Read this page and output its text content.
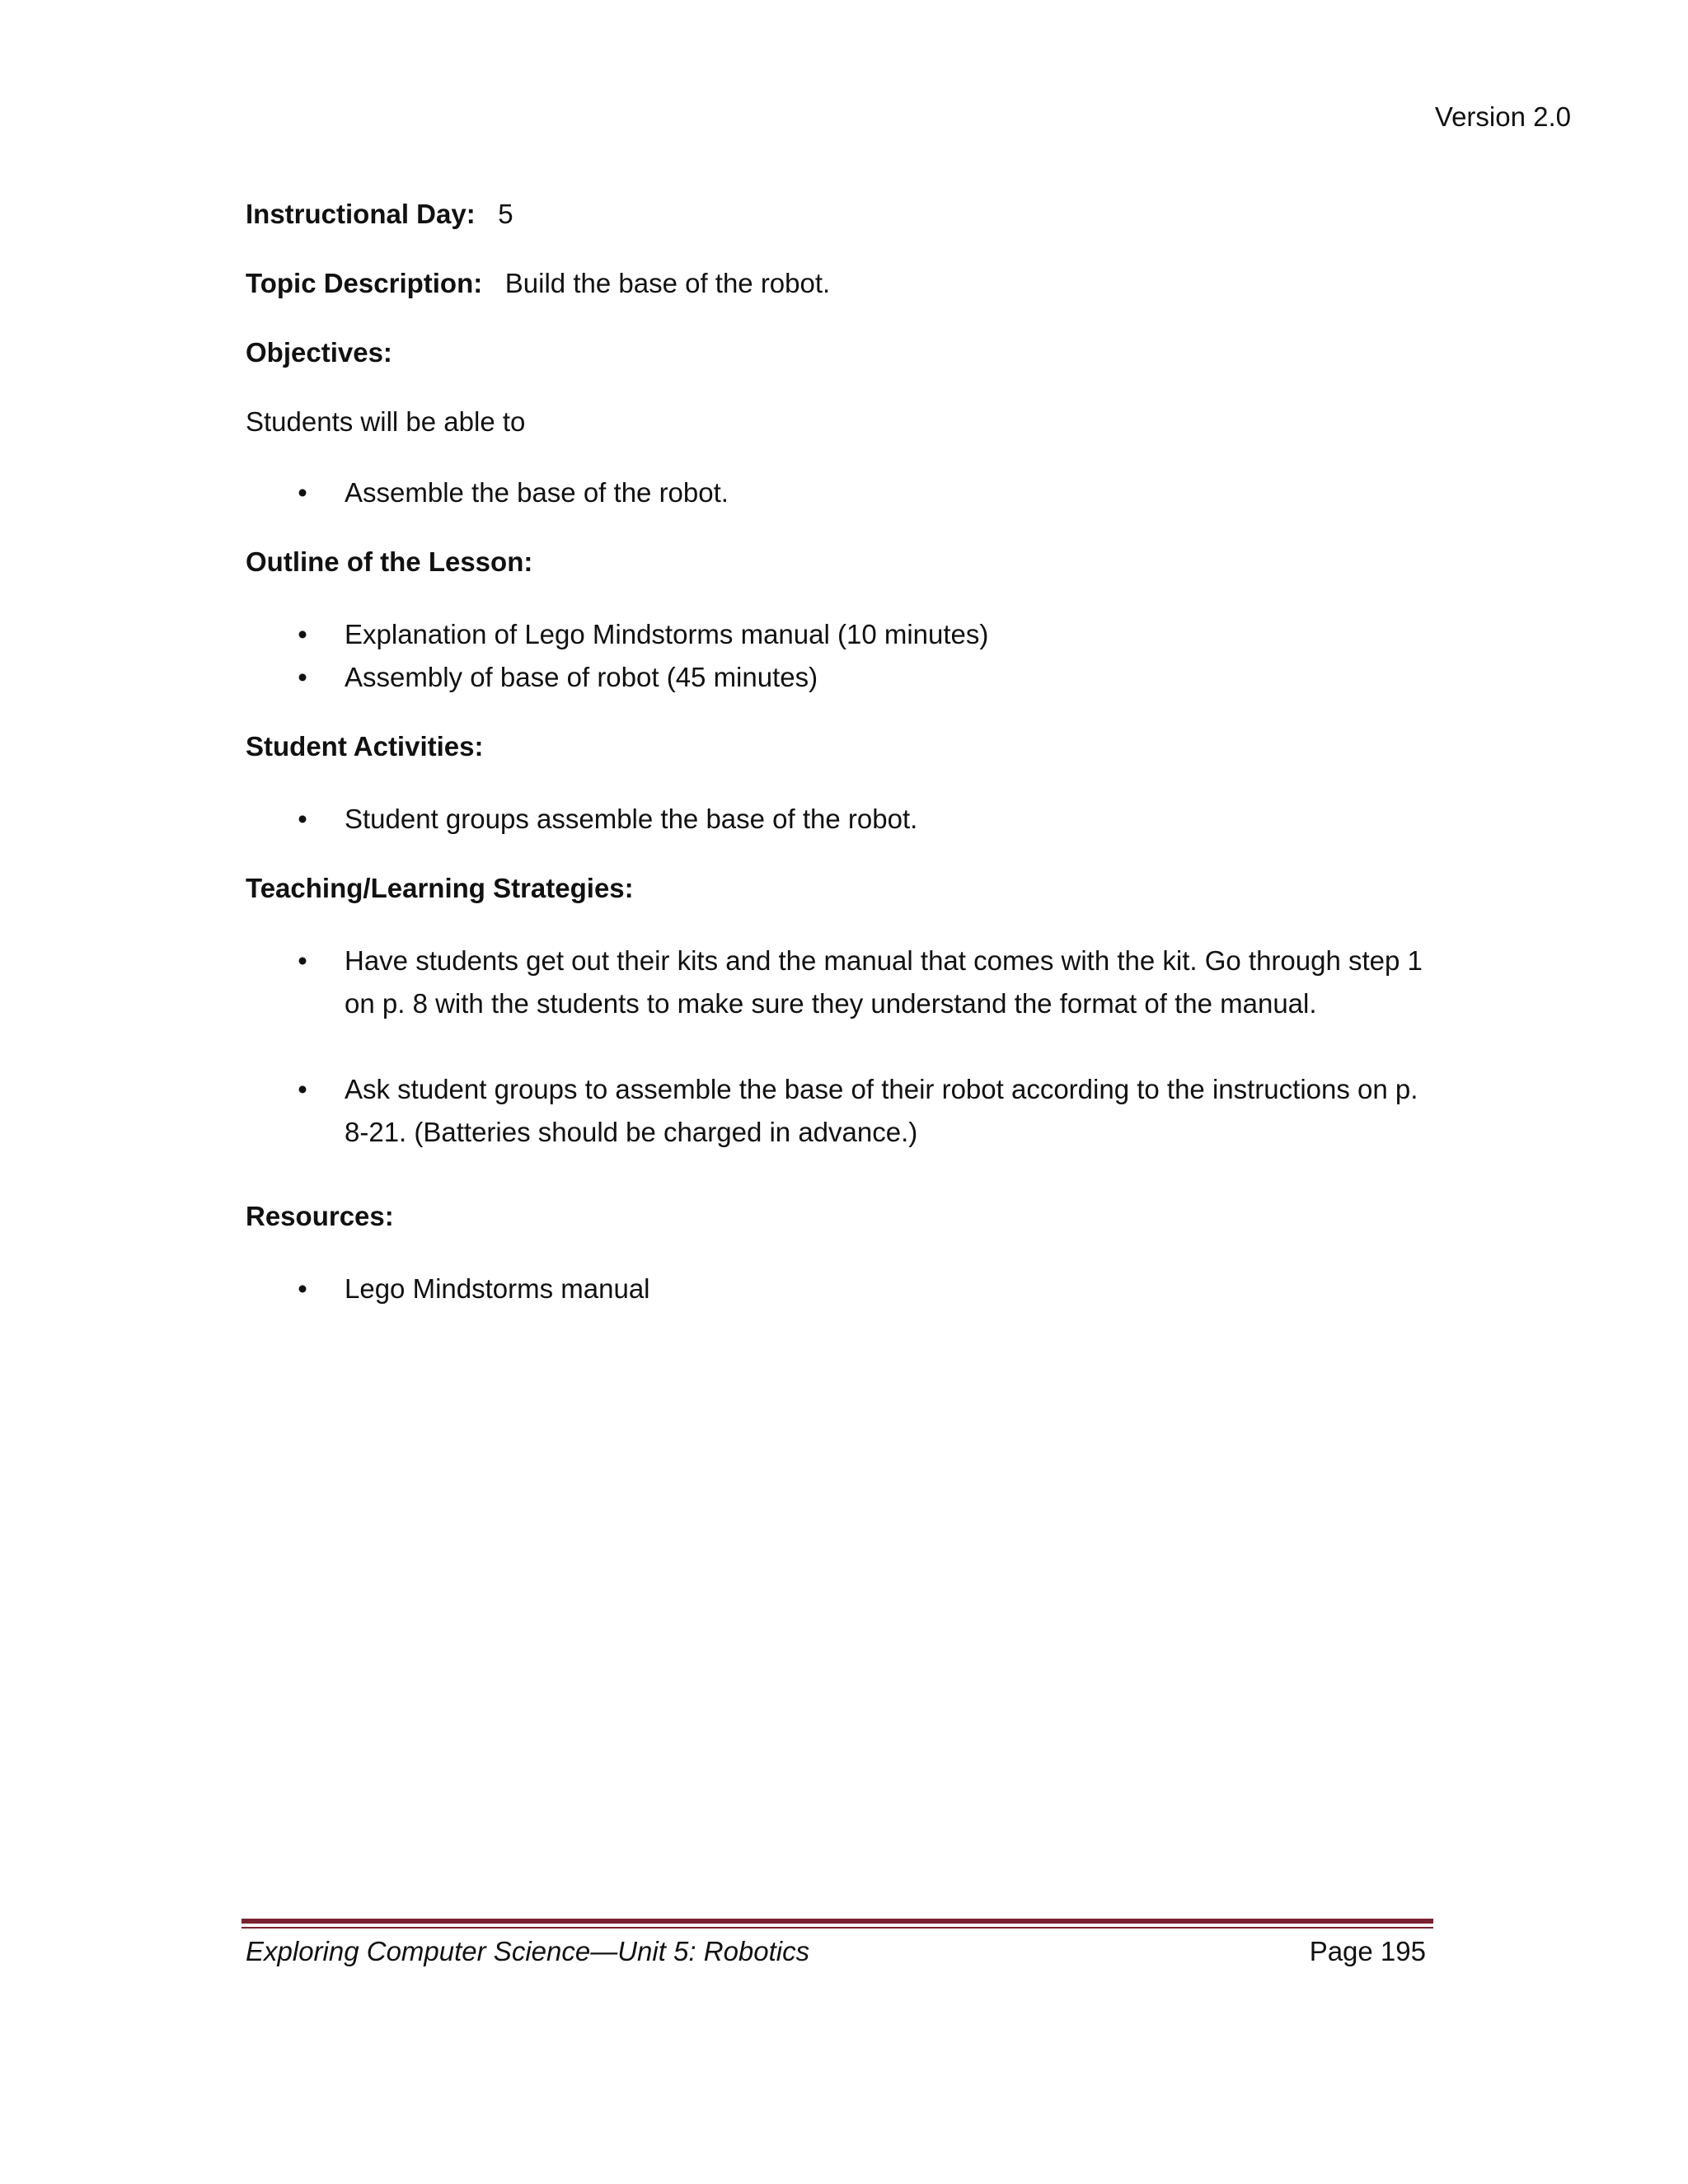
Version 2.0
Instructional Day: 5
Topic Description: Build the base of the robot.
Objectives:
Students will be able to
• Assemble the base of the robot.
Outline of the Lesson:
• Explanation of Lego Mindstorms manual (10 minutes)
• Assembly of base of robot (45 minutes)
Student Activities:
• Student groups assemble the base of the robot.
Teaching/Learning Strategies:
• Have students get out their kits and the manual that comes with the kit. Go through step 1 on p. 8 with the students to make sure they understand the format of the manual.
• Ask student groups to assemble the base of their robot according to the instructions on p. 8-21. (Batteries should be charged in advance.)
Resources:
• Lego Mindstorms manual
Exploring Computer Science—Unit 5: Robotics	Page 195
